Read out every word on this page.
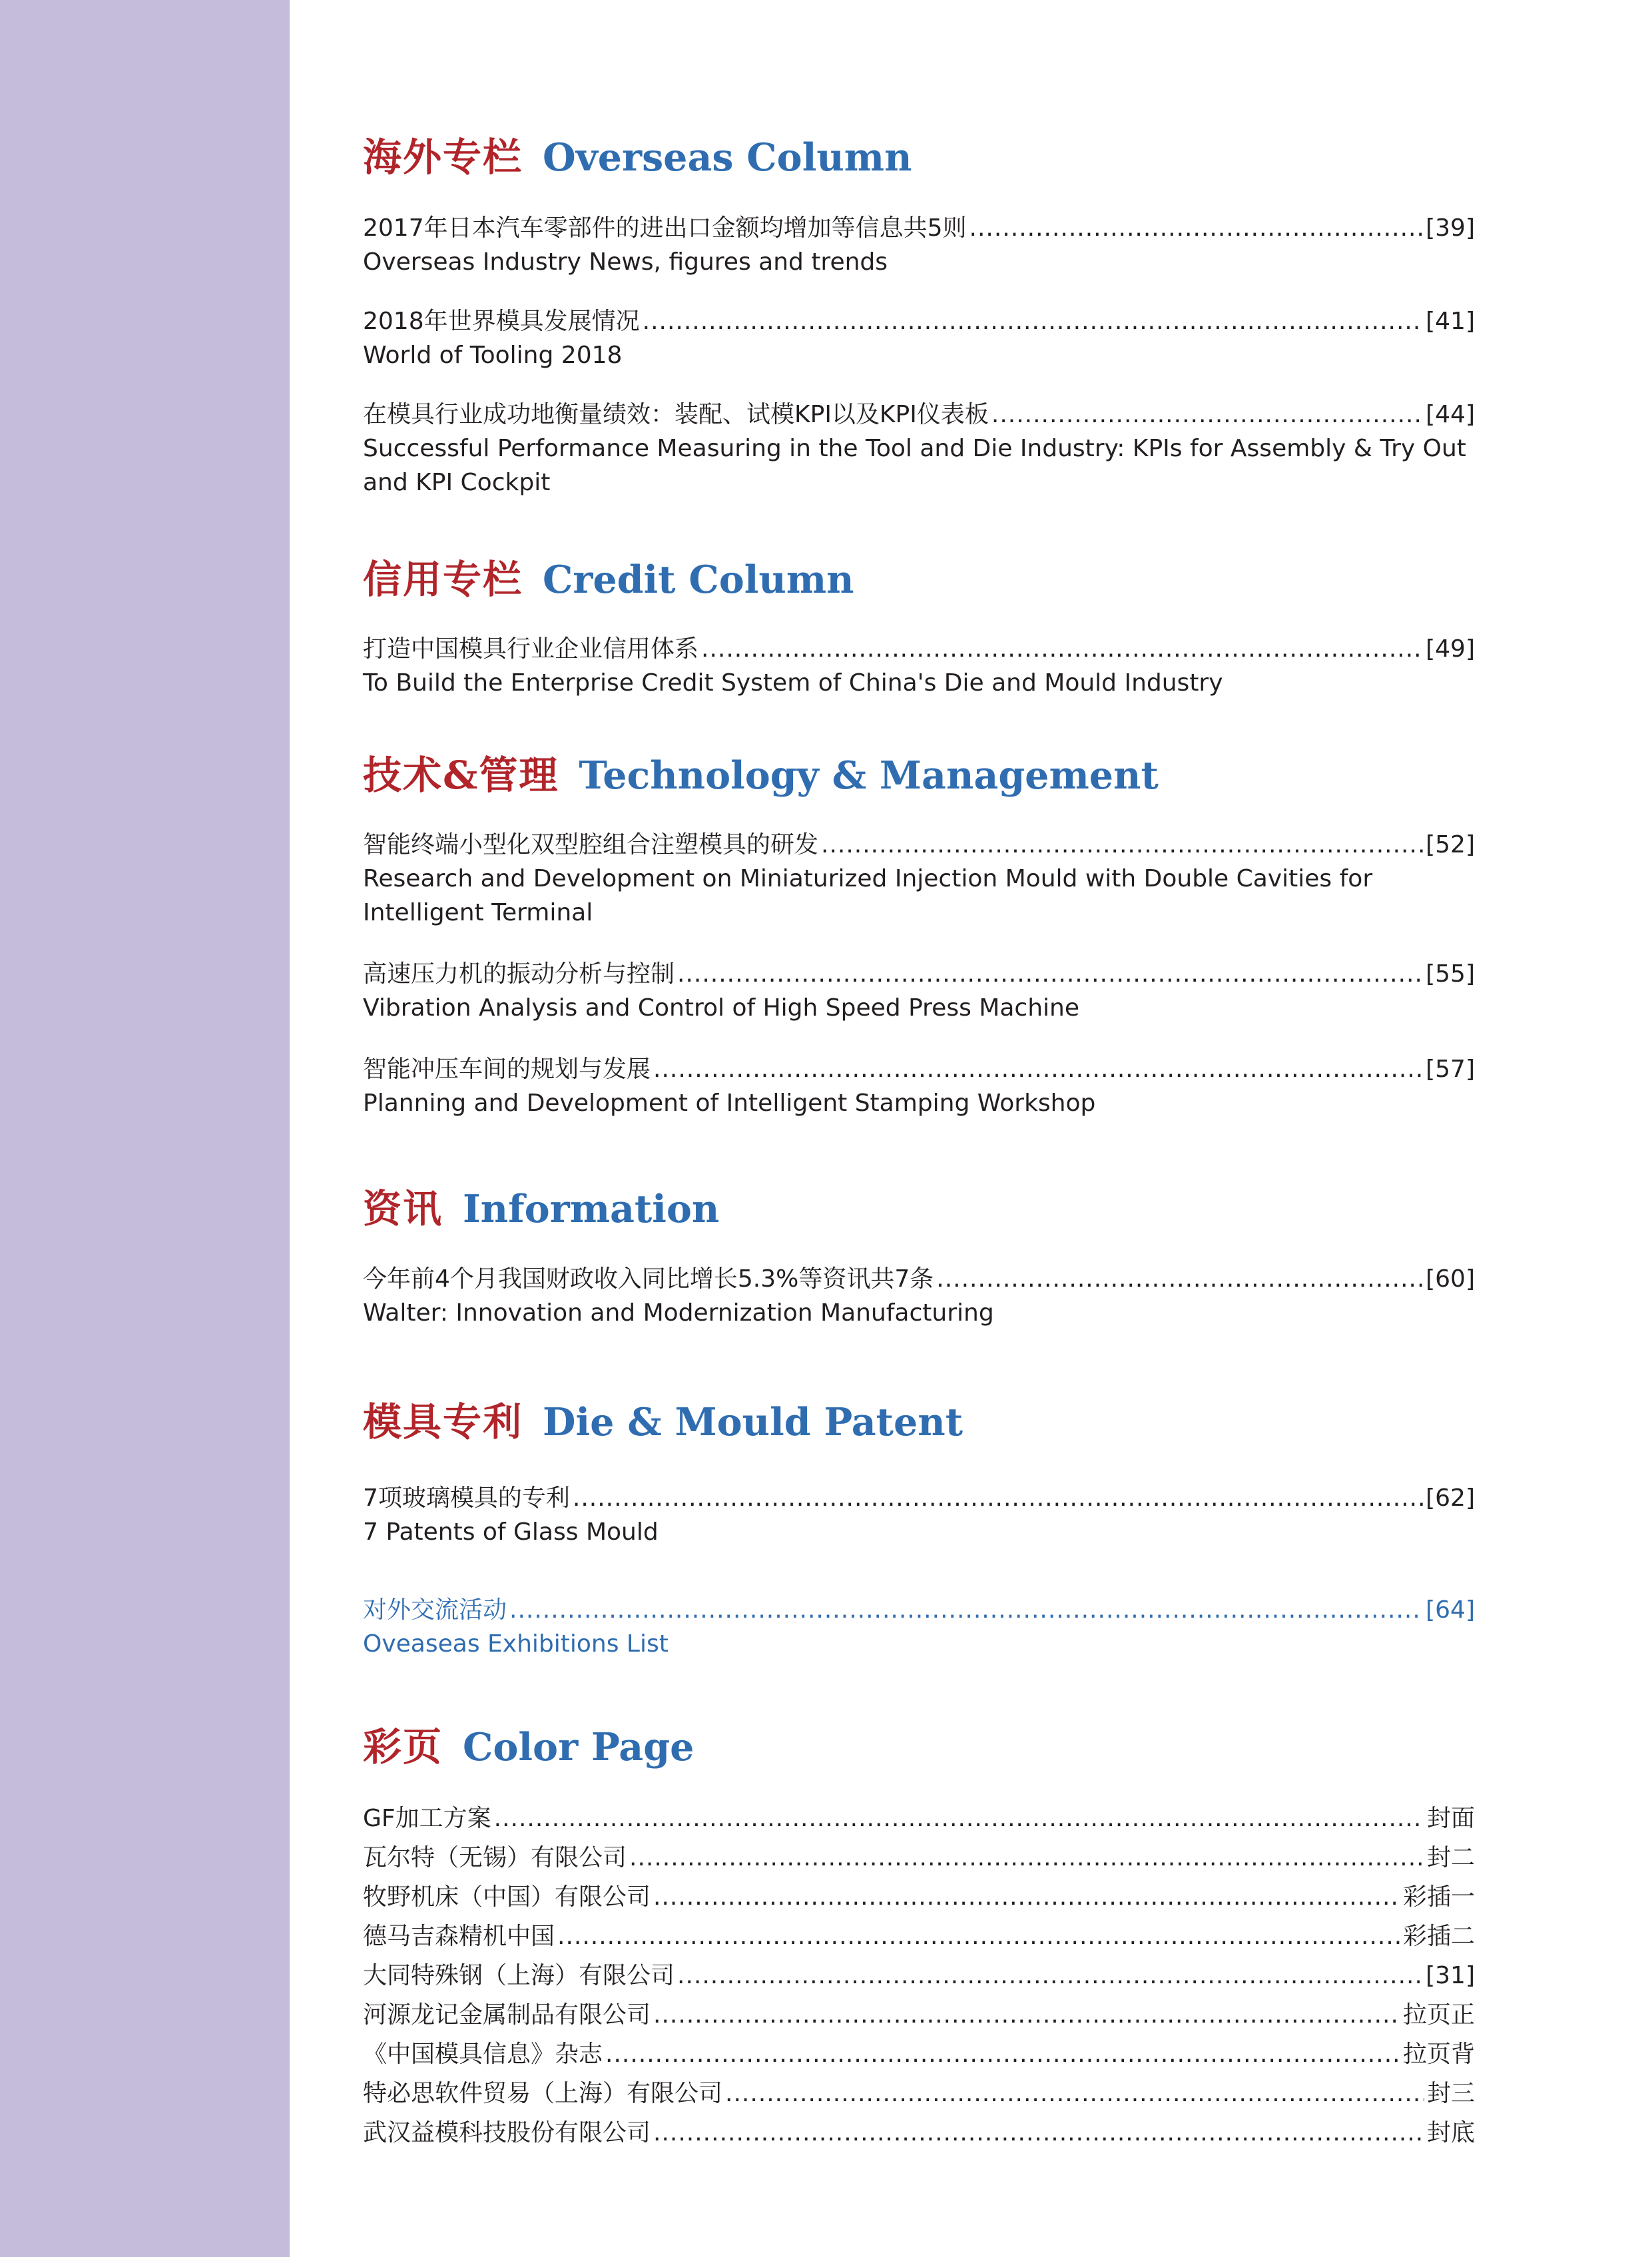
海外专栏 Overseas Column
2017年日本汽车零部件的进出口金额均增加等信息共5则 .....	[39]
Overseas Industry News, figures and trends
2018年世界模具发展情况 .....	[41]
World of Tooling 2018
在模具行业成功地衡量绩效：装配、试模KPI以及KPI仪表板 .....	[44]
Successful Performance Measuring in the Tool and Die Industry: KPIs for Assembly & Try Out
and KPI Cockpit
信用专栏 Credit Column
打造中国模具行业企业信用体系 .....	[49]
To Build the Enterprise Credit System of China's Die and Mould Industry
技术&管理 Technology & Management
智能终端小型化双型腔组合注塑模具的研发 .....	[52]
Research and Development on Miniaturized Injection Mould with Double Cavities for
Intelligent Terminal
高速压力机的振动分析与控制 .....	[55]
Vibration Analysis and Control of High Speed Press Machine
智能冲压车间的规划与发展 .....	[57]
Planning and Development of Intelligent Stamping Workshop
资讯 Information
今年前4个月我国财政收入同比增长5.3%等资讯共7条 .....	[60]
Walter: Innovation and Modernization Manufacturing
模具专利 Die & Mould Patent
7项玻璃模具的专利 .....	[62]
7 Patents of Glass Mould
对外交流活动 .....	[64]
Oveaseas Exhibitions List
彩页 Color Page
GF加工方案 .....	封面
瓦尔特（无锡）有限公司 .....	封二
牧野机床（中国）有限公司 .....	彩插一
德马吉森精机中国 .....	彩插二
大同特殊钢（上海）有限公司 .....	[31]
河源龙记金属制品有限公司 .....	拉页正
《中国模具信息》杂志 .....	拉页背
特必思软件贸易（上海）有限公司 .....	封三
武汉益模科技股份有限公司 .....	封底
